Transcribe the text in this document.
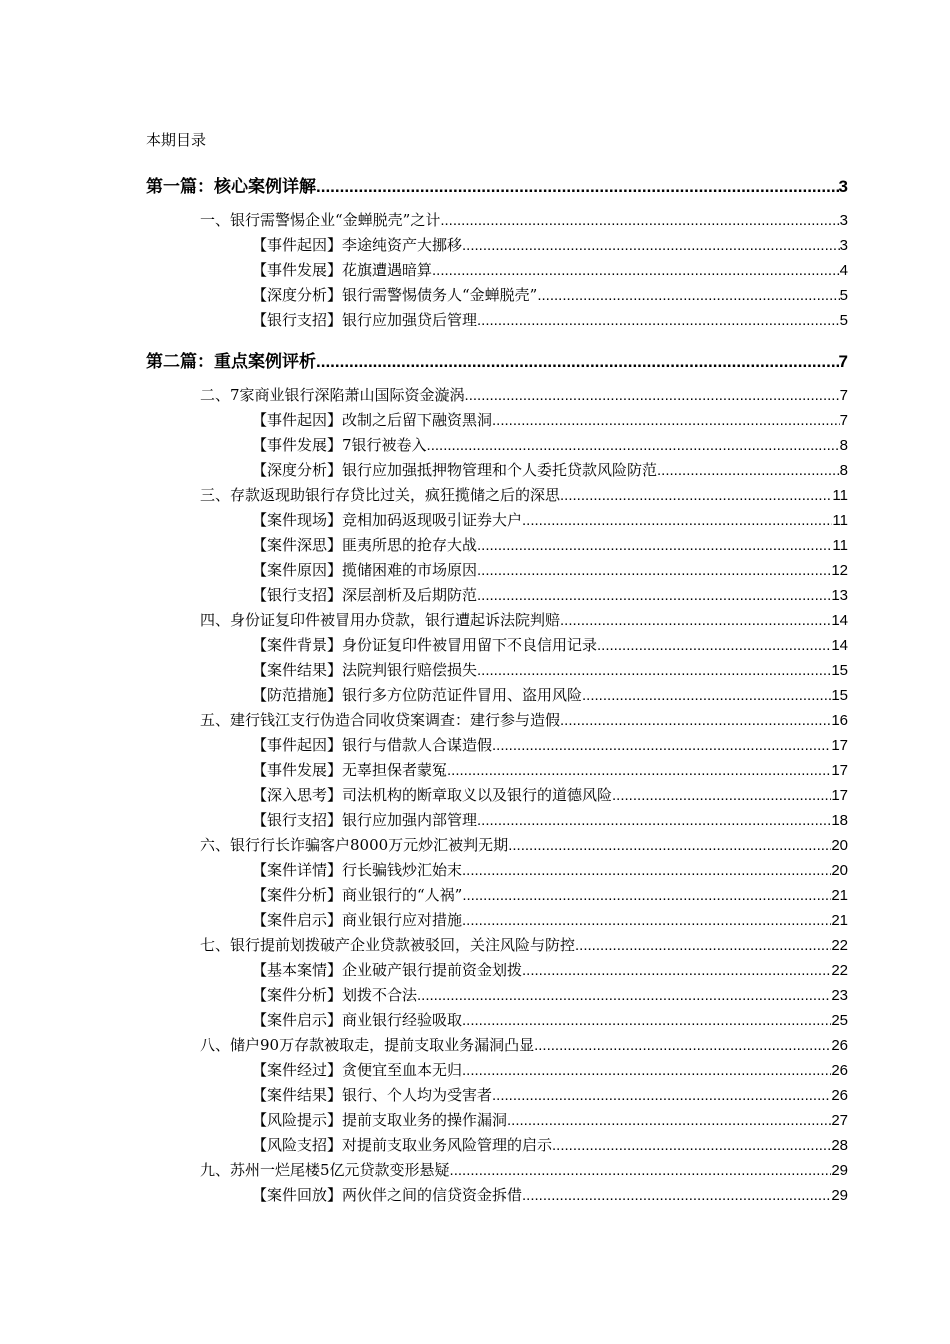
本期目录
第一篇：核心案例详解 .....	3
一、银行需警惕企业“金蝉脱壳”之计 .....	3
【事件起因】李途纯资产大挪移 .....	3
【事件发展】花旗遭遇暗算 .....	4
【深度分析】银行需警惕债务人“金蝉脱壳” .....	5
【银行支招】银行应加强贷后管理 .....	5
第二篇：重点案例评析 .....	7
二、7家商业银行深陷萧山国际资金漩涡 .....	7
【事件起因】改制之后留下融资黑洞 .....	7
【事件发展】7银行被卷入 .....	8
【深度分析】银行应加强抵押物管理和个人委托贷款风险防范 .....	8
三、存款返现助银行存贷比过关，疯狂揽储之后的深思 .....	11
【案件现场】竞相加码返现吸引证券大户 .....	11
【案件深思】匪夷所思的抢存大战 .....	11
【案件原因】揽储困难的市场原因 .....	12
【银行支招】深层剖析及后期防范 .....	13
四、身份证复印件被冒用办贷款，银行遭起诉法院判赔 .....	14
【案件背景】身份证复印件被冒用留下不良信用记录 .....	14
【案件结果】法院判银行赔偿损失 .....	15
【防范措施】银行多方位防范证件冒用、盗用风险 .....	15
五、建行钱江支行伪造合同收贷案调查：建行参与造假 .....	16
【事件起因】银行与借款人合谋造假 .....	17
【事件发展】无辜担保者蒙冤 .....	17
【深入思考】司法机构的断章取义以及银行的道德风险 .....	17
【银行支招】银行应加强内部管理 .....	18
六、银行行长诈骗客户8000万元炒汇被判无期 .....	20
【案件详情】行长骗钱炒汇始末 .....	20
【案件分析】商业银行的“人祸” .....	21
【案件启示】商业银行应对措施 .....	21
七、银行提前划拨破产企业贷款被驳回，关注风险与防控 .....	22
【基本案情】企业破产银行提前资金划拨 .....	22
【案件分析】划拨不合法 .....	23
【案件启示】商业银行经验吸取 .....	25
八、储户90万存款被取走，提前支取业务漏洞凸显 .....	26
【案件经过】贪便宜至血本无归 .....	26
【案件结果】银行、个人均为受害者 .....	26
【风险提示】提前支取业务的操作漏洞 .....	27
【风险支招】对提前支取业务风险管理的启示 .....	28
九、苏州一烂尾楼5亿元贷款变形悬疑 .....	29
【案件回放】两伙伴之间的信贷资金拆借 .....	29
